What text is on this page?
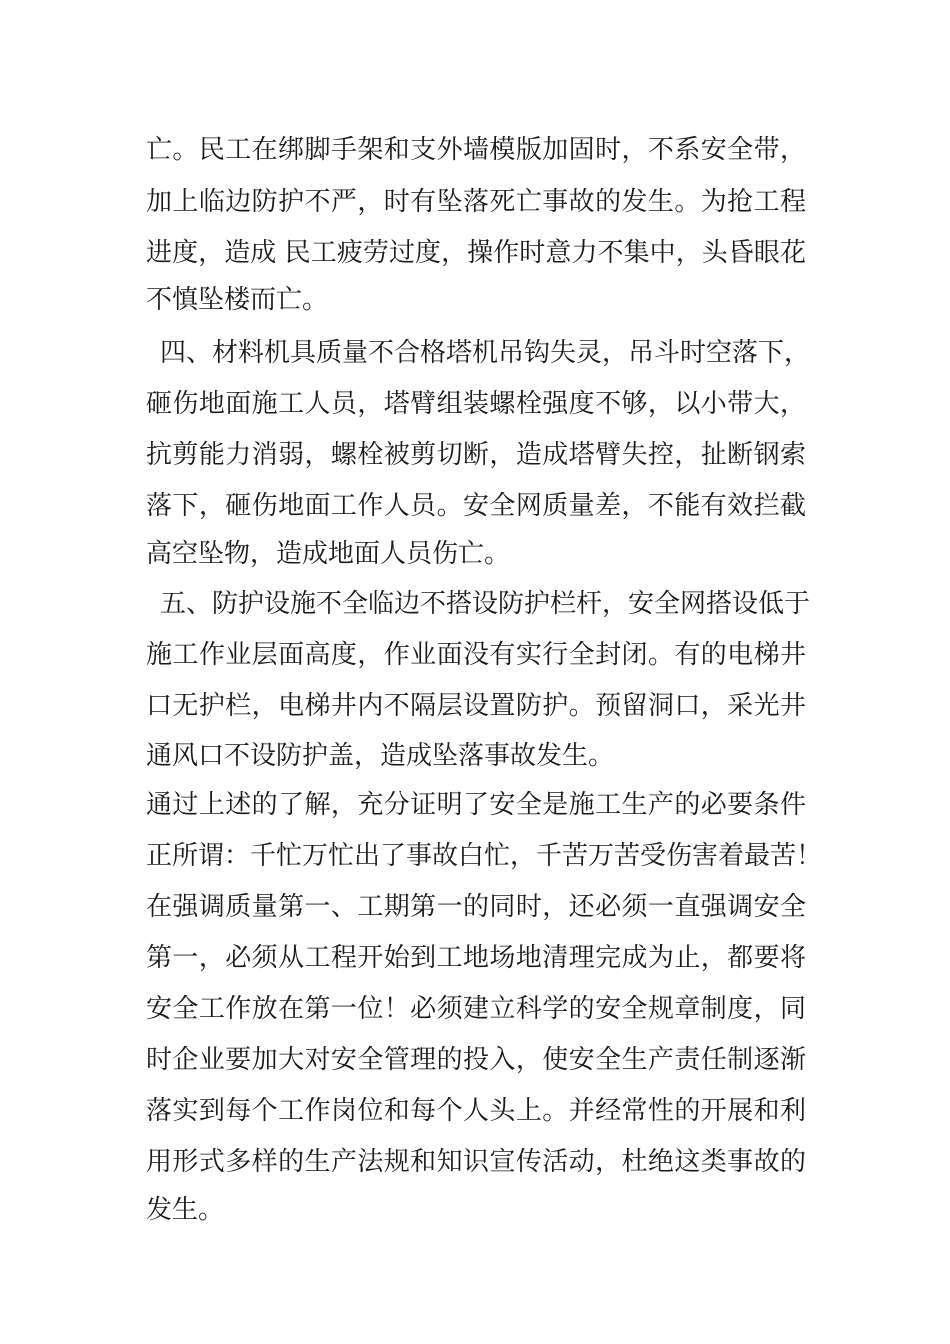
亡。民工在绑脚手架和支外墙模版加固时，不系安全带，
加上临边防护不严，时有坠落死亡事故的发生。为抢工程
进度，造成 民工疲劳过度，操作时意力不集中，头昏眼花
不慎坠楼而亡。
四、材料机具质量不合格塔机吊钩失灵，吊斗时空落下，
砸伤地面施工人员，塔臂组装螺栓强度不够，以小带大，
抗剪能力消弱，螺栓被剪切断，造成塔臂失控，扯断钢索
落下，砸伤地面工作人员。安全网质量差，不能有效拦截
高空坠物，造成地面人员伤亡。
五、防护设施不全临边不搭设防护栏杆，安全网搭设低于
施工作业层面高度，作业面没有实行全封闭。有的电梯井
口无护栏，电梯井内不隔层设置防护。预留洞口，采光井
通风口不设防护盖，造成坠落事故发生。
通过上述的了解，充分证明了安全是施工生产的必要条件
正所谓：千忙万忙出了事故白忙，千苦万苦受伤害着最苦！
在强调质量第一、工期第一的同时，还必须一直强调安全
第一，必须从工程开始到工地场地清理完成为止，都要将
安全工作放在第一位！必须建立科学的安全规章制度，同
时企业要加大对安全管理的投入，使安全生产责任制逐渐
落实到每个工作岗位和每个人头上。并经常性的开展和利
用形式多样的生产法规和知识宣传活动，杜绝这类事故的
发生。
